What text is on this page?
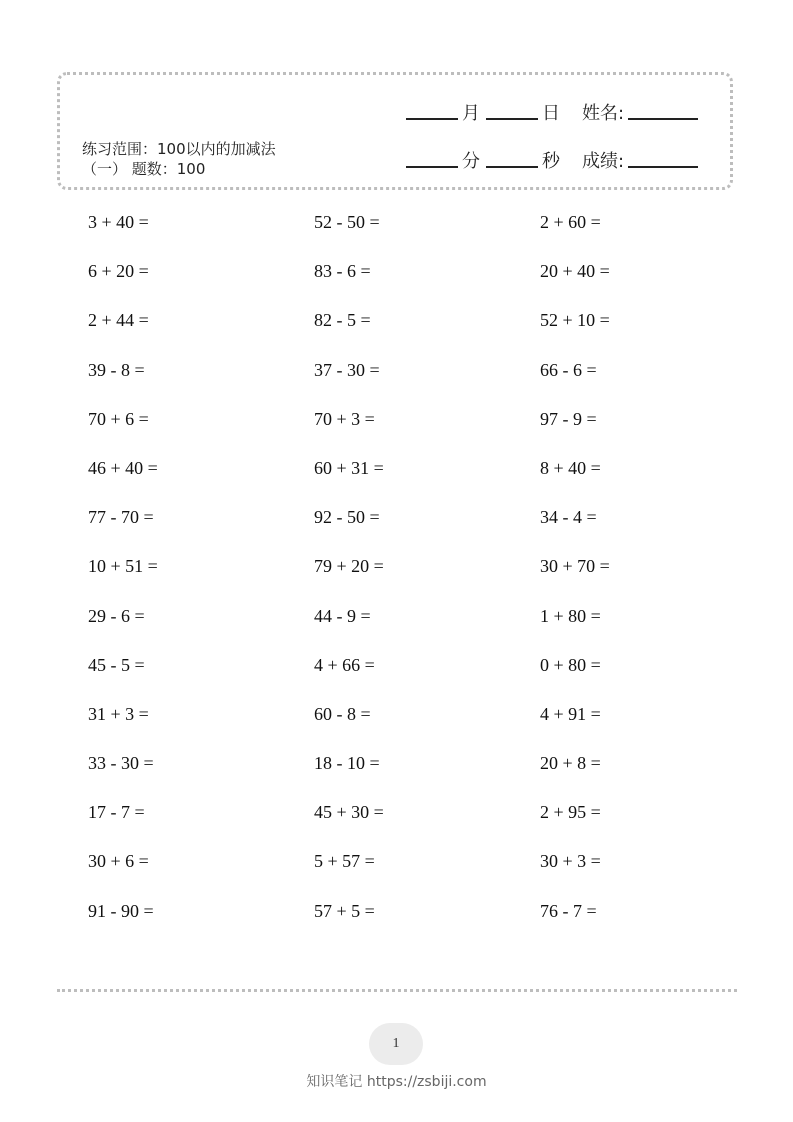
练习范围：100以内的加减法
（一） 题数：100
月	日 姓名:
分	秒 成绩:
3 + 40 =	52 - 50 =	2 + 60 =
6 + 20 =	83 - 6 =	20 + 40 =
2 + 44 =	82 - 5 =	52 + 10 =
39 - 8 =	37 - 30 =	66 - 6 =
70 + 6 =	70 + 3 =	97 - 9 =
46 + 40 =	60 + 31 =	8 + 40 =
77 - 70 =	92 - 50 =	34 - 4 =
10 + 51 =	79 + 20 =	30 + 70 =
29 - 6 =	44 - 9 =	1 + 80 =
45 - 5 =	4 + 66 =	0 + 80 =
31 + 3 =	60 - 8 =	4 + 91 =
33 - 30 =	18 - 10 =	20 + 8 =
17 - 7 =	45 + 30 =	2 + 95 =
30 + 6 =	5 + 57 =	30 + 3 =
91 - 90 =	57 + 5 =	76 - 7 =
1
知识笔记 https://zsbiji.com
